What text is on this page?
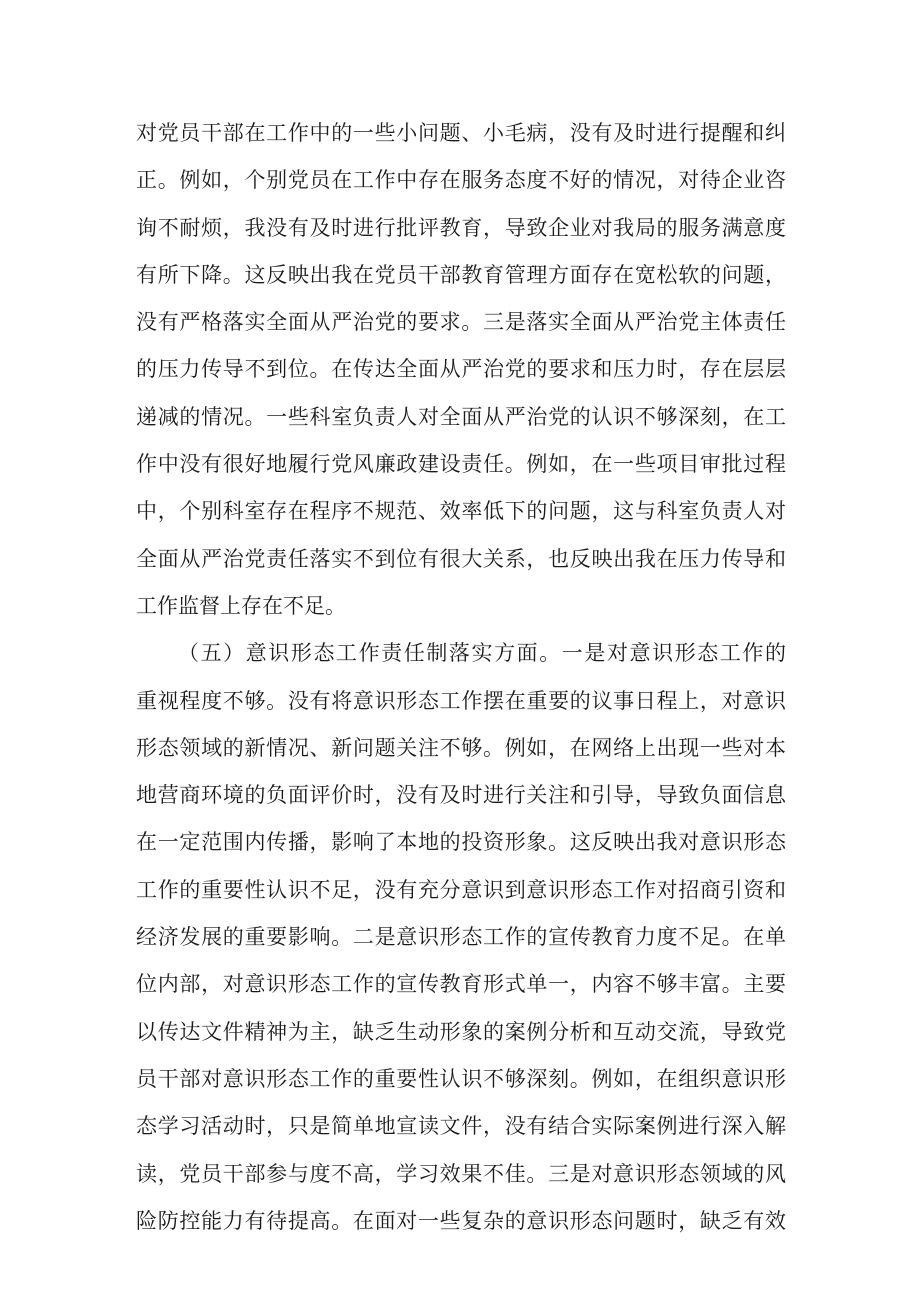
对党员干部在工作中的一些小问题、小毛病，没有及时进行提醒和纠
正。例如，个别党员在工作中存在服务态度不好的情况，对待企业咨
询不耐烦，我没有及时进行批评教育，导致企业对我局的服务满意度
有所下降。这反映出我在党员干部教育管理方面存在宽松软的问题，
没有严格落实全面从严治党的要求。三是落实全面从严治党主体责任
的压力传导不到位。在传达全面从严治党的要求和压力时，存在层层
递减的情况。一些科室负责人对全面从严治党的认识不够深刻，在工
作中没有很好地履行党风廉政建设责任。例如，在一些项目审批过程
中，个别科室存在程序不规范、效率低下的问题，这与科室负责人对
全面从严治党责任落实不到位有很大关系，也反映出我在压力传导和
工作监督上存在不足。
（五）意识形态工作责任制落实方面。一是对意识形态工作的
重视程度不够。没有将意识形态工作摆在重要的议事日程上，对意识
形态领域的新情况、新问题关注不够。例如，在网络上出现一些对本
地营商环境的负面评价时，没有及时进行关注和引导，导致负面信息
在一定范围内传播，影响了本地的投资形象。这反映出我对意识形态
工作的重要性认识不足，没有充分意识到意识形态工作对招商引资和
经济发展的重要影响。二是意识形态工作的宣传教育力度不足。在单
位内部，对意识形态工作的宣传教育形式单一，内容不够丰富。主要
以传达文件精神为主，缺乏生动形象的案例分析和互动交流，导致党
员干部对意识形态工作的重要性认识不够深刻。例如，在组织意识形
态学习活动时，只是简单地宣读文件，没有结合实际案例进行深入解
读，党员干部参与度不高，学习效果不佳。三是对意识形态领域的风
险防控能力有待提高。在面对一些复杂的意识形态问题时，缺乏有效
